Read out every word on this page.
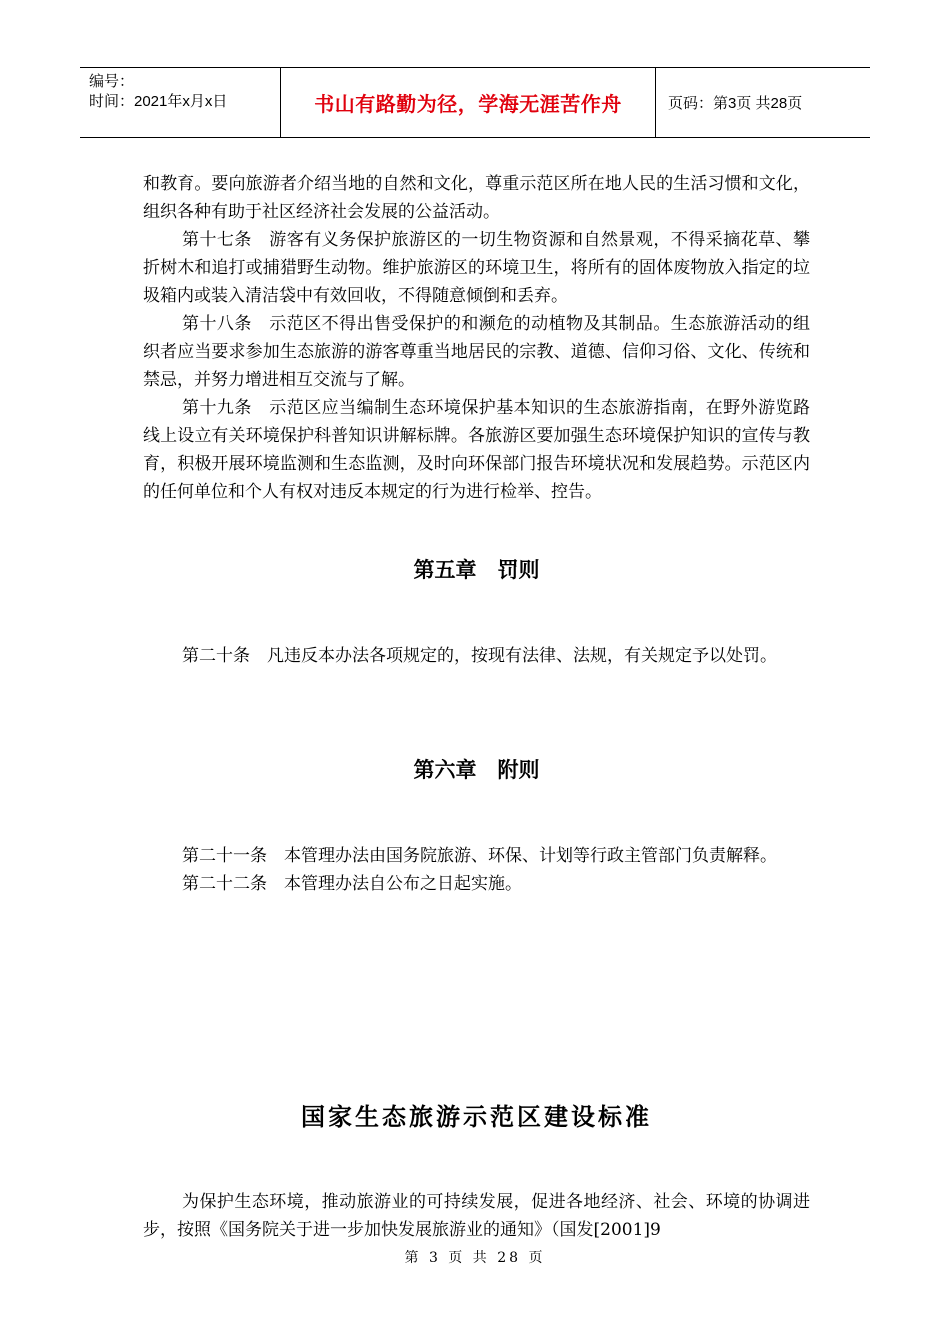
编号：
时间：2021年x月x日	书山有路勤为径，学海无涯苦作舟	页码：第3页 共28页

和教育。要向旅游者介绍当地的自然和文化，尊重示范区所在地人民的生活习惯和文化，组织各种有助于社区经济社会发展的公益活动。

第十七条　游客有义务保护旅游区的一切生物资源和自然景观，不得采摘花草、攀折树木和追打或捕猎野生动物。维护旅游区的环境卫生，将所有的固体废物放入指定的垃圾箱内或装入清洁袋中有效回收，不得随意倾倒和丢弃。

第十八条　示范区不得出售受保护的和濒危的动植物及其制品。生态旅游活动的组织者应当要求参加生态旅游的游客尊重当地居民的宗教、道德、信仰习俗、文化、传统和禁忌，并努力增进相互交流与了解。

第十九条　示范区应当编制生态环境保护基本知识的生态旅游指南，在野外游览路线上设立有关环境保护科普知识讲解标牌。各旅游区要加强生态环境保护知识的宣传与教育，积极开展环境监测和生态监测，及时向环保部门报告环境状况和发展趋势。示范区内的任何单位和个人有权对违反本规定的行为进行检举、控告。

第五章　罚则

第二十条　凡违反本办法各项规定的，按现有法律、法规，有关规定予以处罚。

第六章　附则

第二十一条　本管理办法由国务院旅游、环保、计划等行政主管部门负责解释。

第二十二条　本管理办法自公布之日起实施。

国家生态旅游示范区建设标准

为保护生态环境，推动旅游业的可持续发展，促进各地经济、社会、环境的协调进步，按照《国务院关于进一步加快发展旅游业的通知》（国发[2001]9

第 3 页 共 28 页
